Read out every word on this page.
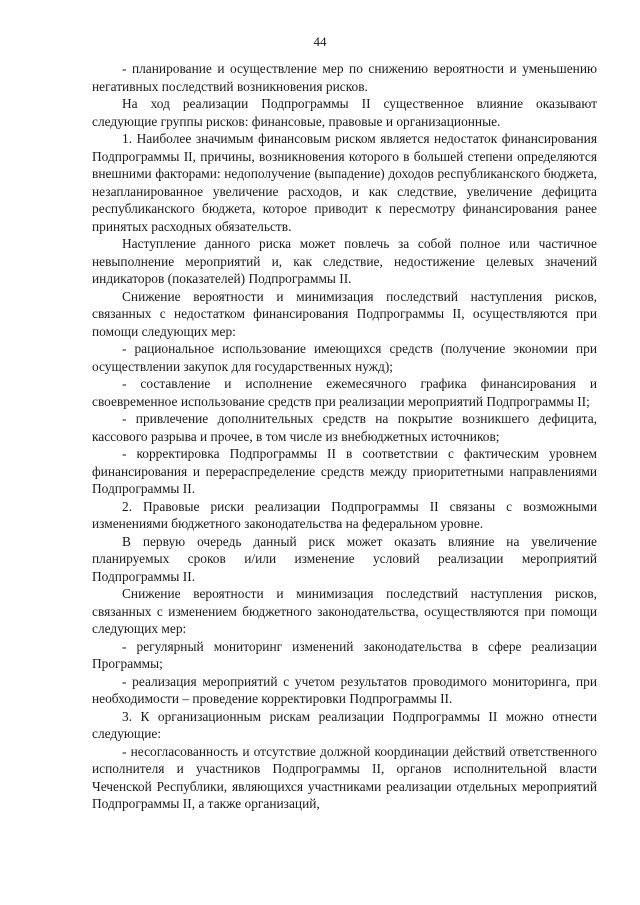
44

- планирование и осуществление мер по снижению вероятности и уменьшению негативных последствий возникновения рисков.

На ход реализации Подпрограммы II существенное влияние оказывают следующие группы рисков: финансовые, правовые и организационные.

1. Наиболее значимым финансовым риском является недостаток финансирования Подпрограммы II, причины, возникновения которого в большей степени определяются внешними факторами: недополучение (выпадение) доходов республиканского бюджета, незапланированное увеличение расходов, и как следствие, увеличение дефицита республиканского бюджета, которое приводит к пересмотру финансирования ранее принятых расходных обязательств.

Наступление данного риска может повлечь за собой полное или частичное невыполнение мероприятий и, как следствие, недостижение целевых значений индикаторов (показателей) Подпрограммы II.

Снижение вероятности и минимизация последствий наступления рисков, связанных с недостатком финансирования Подпрограммы II, осуществляются при помощи следующих мер:

- рациональное использование имеющихся средств (получение экономии при осуществлении закупок для государственных нужд);

- составление и исполнение ежемесячного графика финансирования и своевременное использование средств при реализации мероприятий Подпрограммы II;

- привлечение дополнительных средств на покрытие возникшего дефицита, кассового разрыва и прочее, в том числе из внебюджетных источников;

- корректировка Подпрограммы II в соответствии с фактическим уровнем финансирования и перераспределение средств между приоритетными направлениями Подпрограммы II.

2. Правовые риски реализации Подпрограммы II связаны с возможными изменениями бюджетного законодательства на федеральном уровне.

В первую очередь данный риск может оказать влияние на увеличение планируемых сроков и/или изменение условий реализации мероприятий Подпрограммы II.

Снижение вероятности и минимизация последствий наступления рисков, связанных с изменением бюджетного законодательства, осуществляются при помощи следующих мер:

- регулярный мониторинг изменений законодательства в сфере реализации Программы;

- реализация мероприятий с учетом результатов проводимого мониторинга, при необходимости – проведение корректировки Подпрограммы II.

3. К организационным рискам реализации Подпрограммы II можно отнести следующие:

- несогласованность и отсутствие должной координации действий ответственного исполнителя и участников Подпрограммы II, органов исполнительной власти Чеченской Республики, являющихся участниками реализации отдельных мероприятий Подпрограммы II, а также организаций,
